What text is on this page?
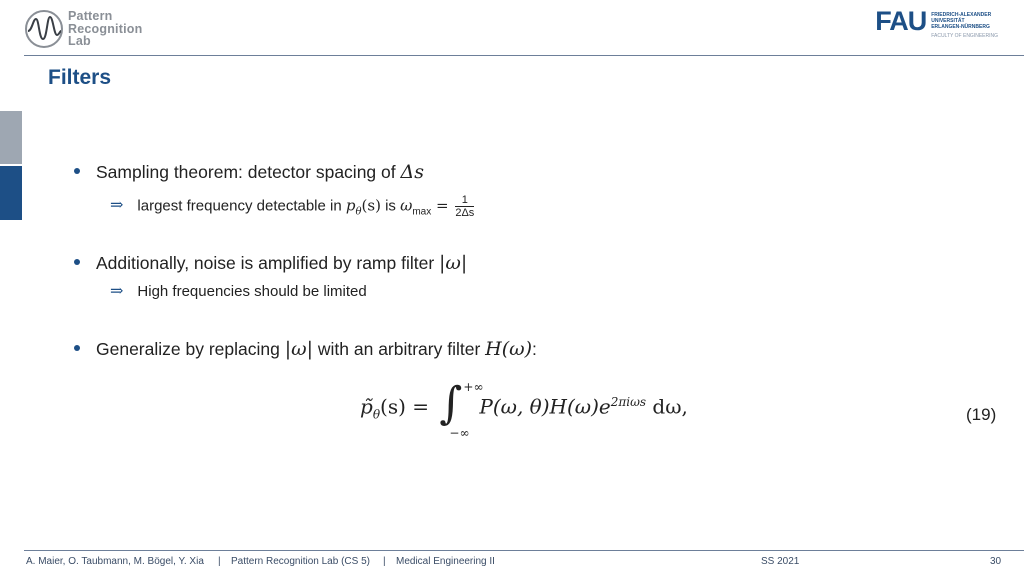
Pattern
Recognition
Lab
FAU FRIEDRICH-ALEXANDER
UNIVERSITÄT
ERLANGEN-NÜRNBERG
FACULTY OF ENGINEERING
Filters
Sampling theorem: detector spacing of Δs
⇒ largest frequency detectable in $p_\theta(s)$ is $\omega_{max} = \frac{1}{2\Delta s}$
Additionally, noise is amplified by ramp filter |ω|
⇒ High frequencies should be limited
Generalize by replacing |ω| with an arbitrary filter H(ω):
$p̃_\theta(s)$ = ∫ +∞
−∞
P(ω, $\theta)H(\omega)e^{2\pi i\omega s}$ dω,	(19)
A. Maier, O. Taubmann, M. Bögel, Y. Xia | Pattern Recognition Lab (CS 5) | Medical Engineering II	SS 2021	30
